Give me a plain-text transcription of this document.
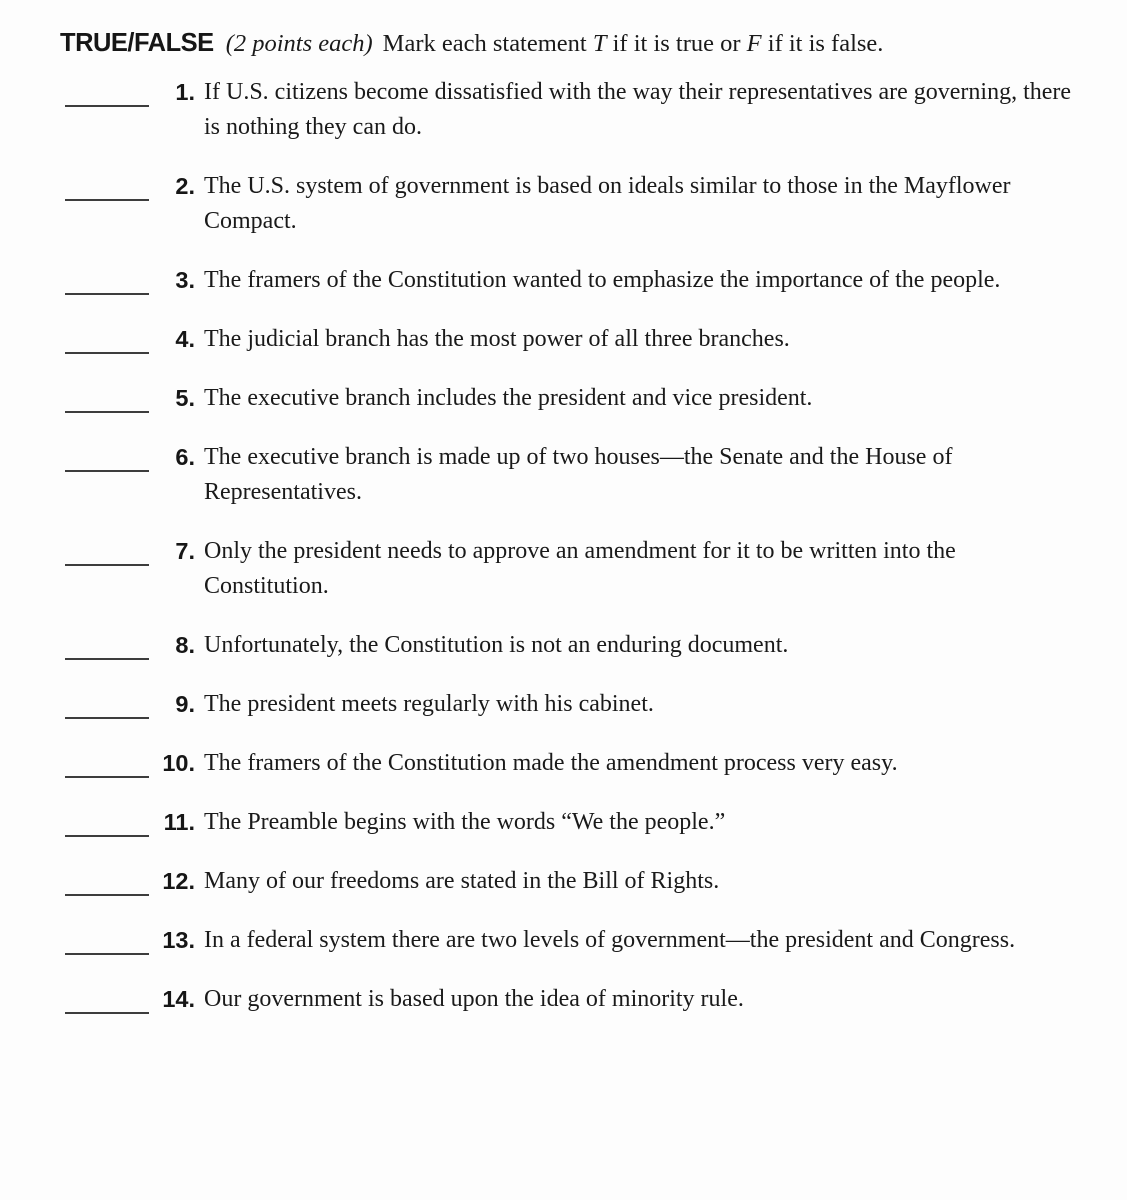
TRUE/FALSE (2 points each) Mark each statement T if it is true or F if it is false.
1. If U.S. citizens become dissatisfied with the way their representatives are governing, there is nothing they can do.
2. The U.S. system of government is based on ideals similar to those in the Mayflower Compact.
3. The framers of the Constitution wanted to emphasize the importance of the people.
4. The judicial branch has the most power of all three branches.
5. The executive branch includes the president and vice president.
6. The executive branch is made up of two houses—the Senate and the House of Representatives.
7. Only the president needs to approve an amendment for it to be written into the Constitution.
8. Unfortunately, the Constitution is not an enduring document.
9. The president meets regularly with his cabinet.
10. The framers of the Constitution made the amendment process very easy.
11. The Preamble begins with the words “We the people.”
12. Many of our freedoms are stated in the Bill of Rights.
13. In a federal system there are two levels of government—the president and Congress.
14. Our government is based upon the idea of minority rule.
